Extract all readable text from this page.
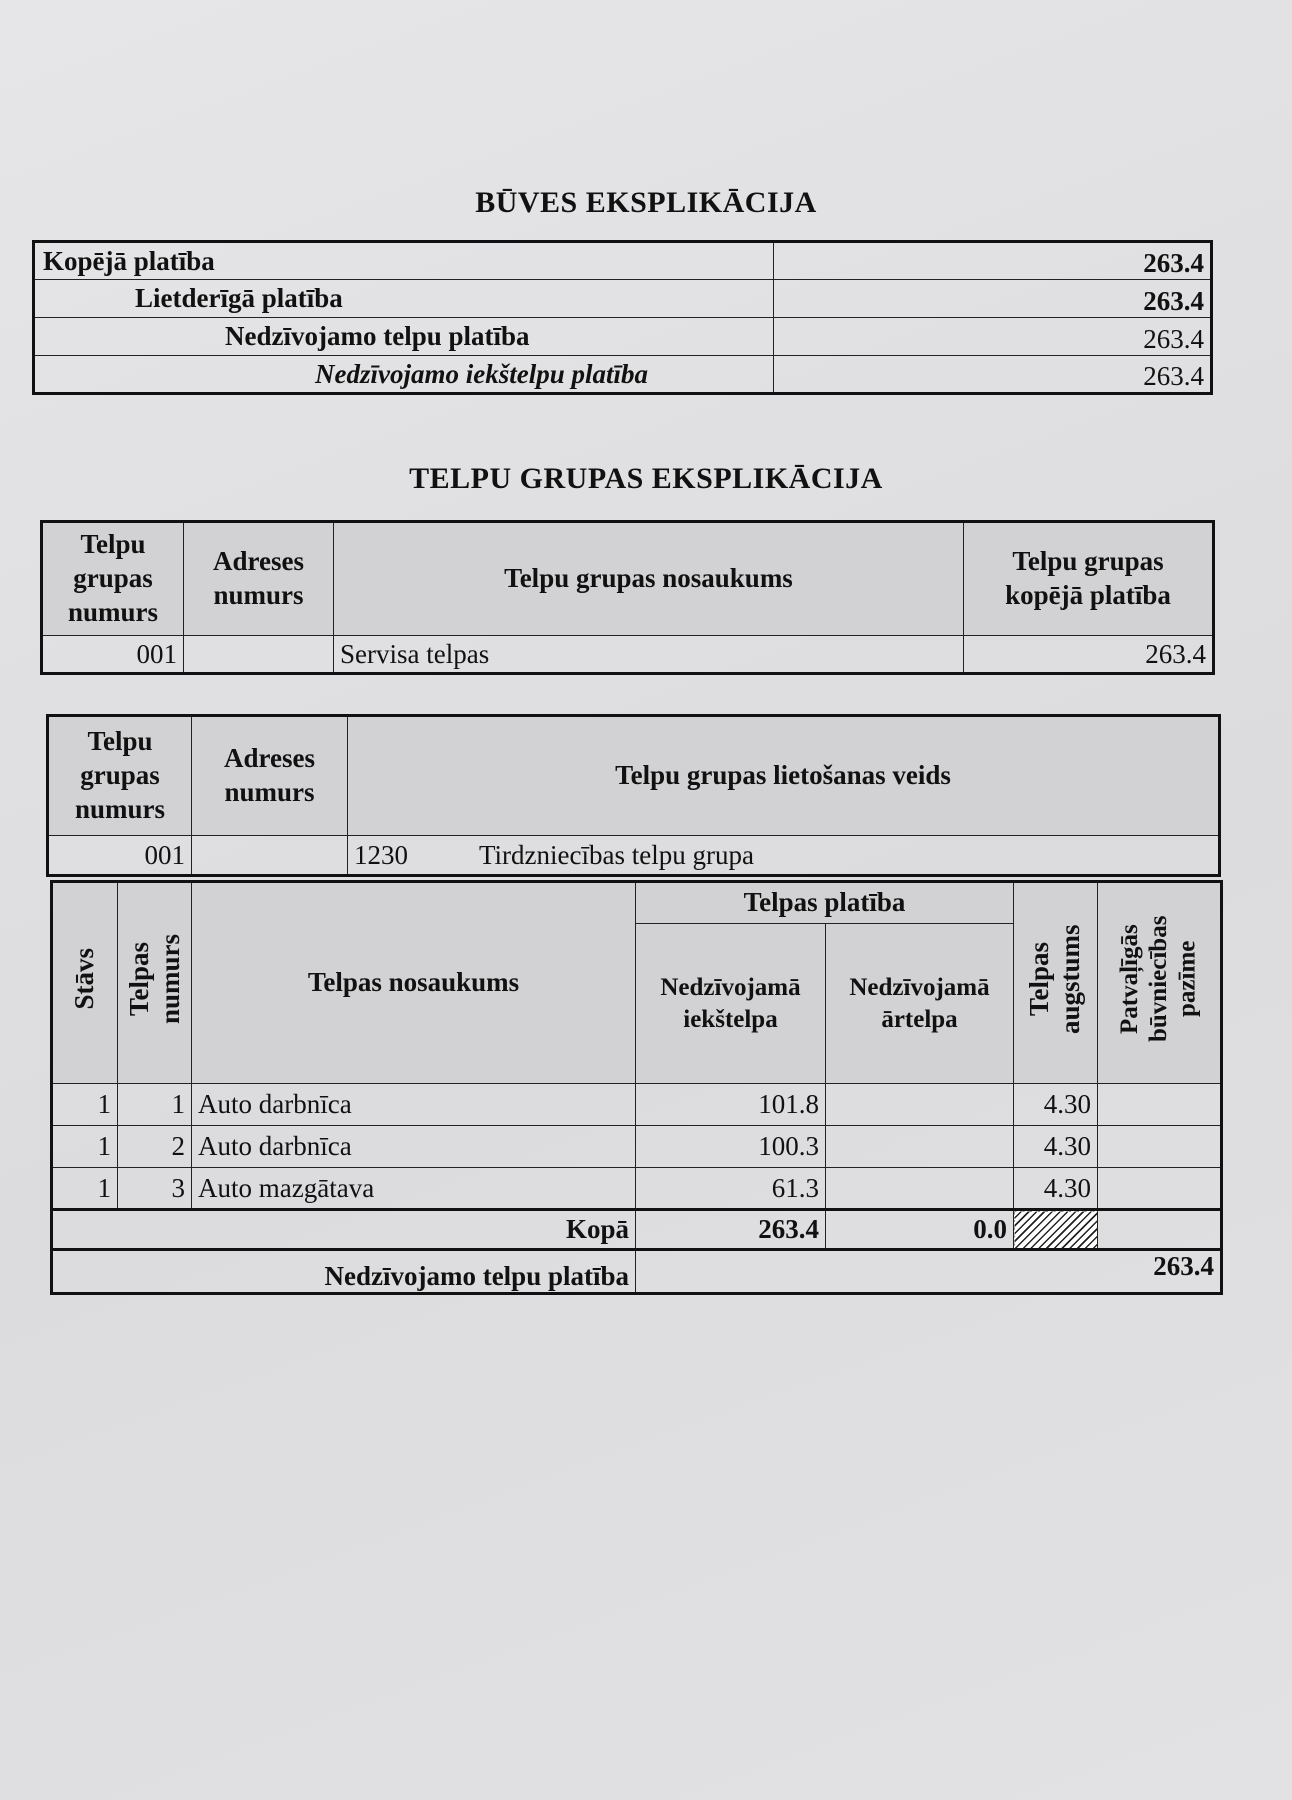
BŪVES EKSPLIKĀCIJA
Kopējā platība	263.4
Lietderīgā platība	263.4
Nedzīvojamo telpu platība	263.4
Nedzīvojamo iekštelpu platība	263.4
TELPU GRUPAS EKSPLIKĀCIJA
Telpu grupas numurs	Adreses numurs	Telpu grupas nosaukums	Telpu grupas kopējā platība
001		Servisa telpas	263.4
Telpu grupas numurs	Adreses numurs	Telpu grupas lietošanas veids
001		1230 Tirdzniecības telpu grupa
Stāvs	Telpas numurs	Telpas nosaukums	Telpas platība		Telpas augstums	Patvaļīgās būvniecības pazīme
			Nedzīvojamā iekštelpa	Nedzīvojamā ārtelpa		
1	1	Auto darbnīca	101.8		4.30	
1	2	Auto darbnīca	100.3		4.30	
1	3	Auto mazgātava	61.3		4.30	
Kopā			263.4	0.0		
Nedzīvojamo telpu platība			263.4			
